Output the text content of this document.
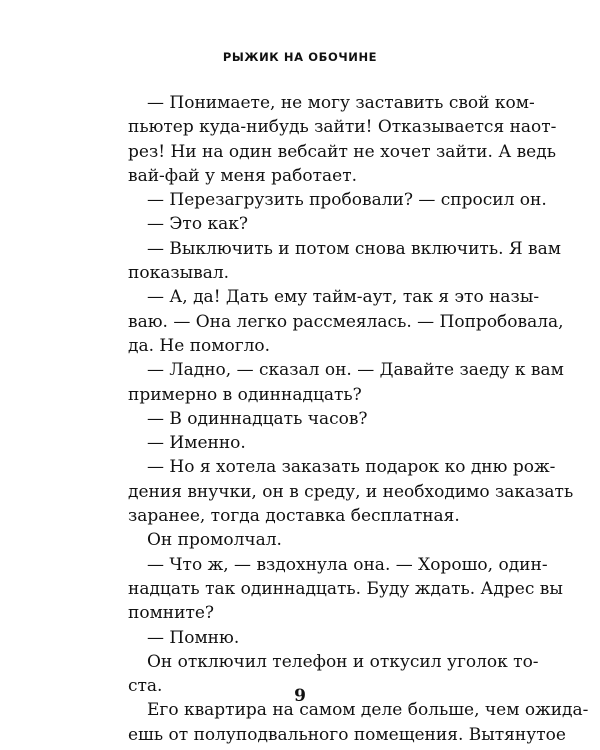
РЫЖИК НА ОБОЧИНЕ
— Понимаете, не могу заставить свой ком-
пьютер куда-нибудь зайти! Отказывается наот-
рез! Ни на один вебсайт не хочет зайти. А ведь
вай-фай у меня работает.
— Перезагрузить пробовали? — спросил он.
— Это как?
— Выключить и потом снова включить. Я вам
показывал.
— А, да! Дать ему тайм-аут, так я это назы-
ваю. — Она легко рассмеялась. — Попробовала,
да. Не помогло.
— Ладно, — сказал он. — Давайте заеду к вам
примерно в одиннадцать?
— В одиннадцать часов?
— Именно.
— Но я хотела заказать подарок ко дню рож-
дения внучки, он в среду, и необходимо заказать
заранее, тогда доставка бесплатная.
Он промолчал.
— Что ж, — вздохнула она. — Хорошо, один-
надцать так одиннадцать. Буду ждать. Адрес вы
помните?
— Помню.
Он отключил телефон и откусил уголок то-
ста.
Его квартира на самом деле больше, чем ожида-
ешь от полуподвального помещения. Вытянутое
9
